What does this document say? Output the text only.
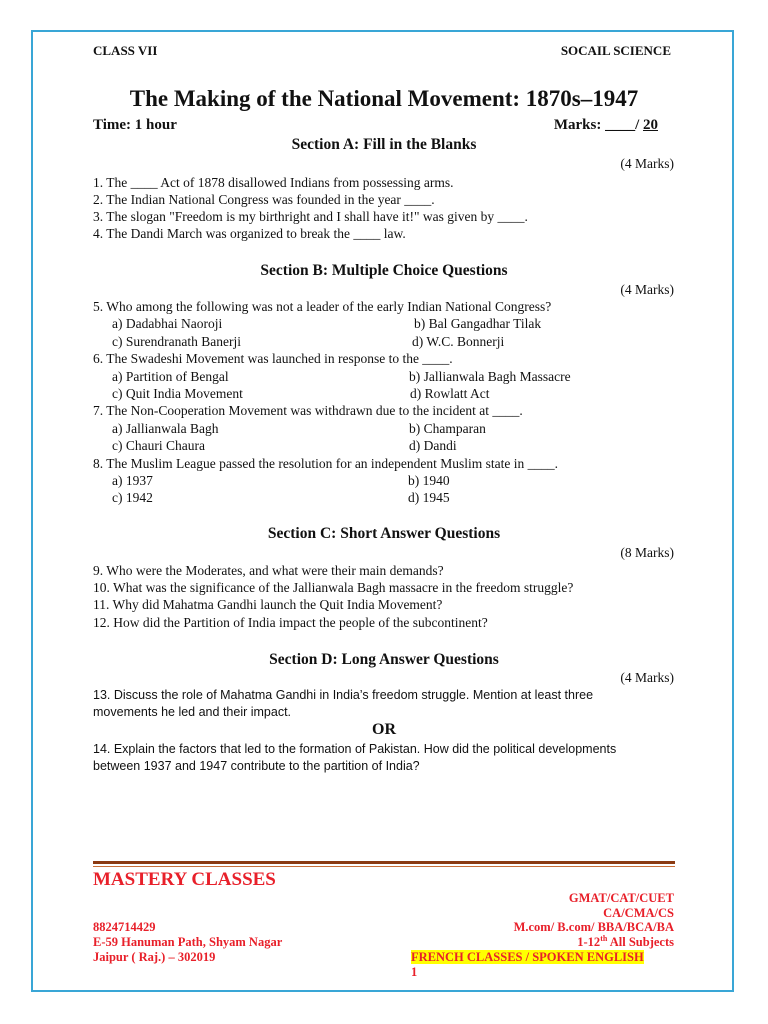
CLASS VII	SOCAIL SCIENCE
The Making of the National Movement: 1870s–1947
Time: 1 hour	Marks: ____/ 20
Section A: Fill in the Blanks
(4 Marks)
1. The ____ Act of 1878 disallowed Indians from possessing arms.
2. The Indian National Congress was founded in the year ____.
3. The slogan "Freedom is my birthright and I shall have it!" was given by ____.
4. The Dandi March was organized to break the ____ law.
Section B: Multiple Choice Questions
(4 Marks)
5. Who among the following was not a leader of the early Indian National Congress?
a) Dadabhai Naoroji	b) Bal Gangadhar Tilak
c) Surendranath Banerji	d) W.C. Bonnerji
6. The Swadeshi Movement was launched in response to the ____.
a) Partition of Bengal	b) Jallianwala Bagh Massacre
c) Quit India Movement	d) Rowlatt Act
7. The Non-Cooperation Movement was withdrawn due to the incident at ____.
a) Jallianwala Bagh	b) Champaran
c) Chauri Chaura	d) Dandi
8. The Muslim League passed the resolution for an independent Muslim state in ____.
a) 1937	b) 1940
c) 1942	d) 1945
Section C: Short Answer Questions
(8 Marks)
9. Who were the Moderates, and what were their main demands?
10. What was the significance of the Jallianwala Bagh massacre in the freedom struggle?
11. Why did Mahatma Gandhi launch the Quit India Movement?
12. How did the Partition of India impact the people of the subcontinent?
Section D: Long Answer Questions
(4 Marks)
13. Discuss the role of Mahatma Gandhi in India’s freedom struggle. Mention at least three
movements he led and their impact.
OR
14. Explain the factors that led to the formation of Pakistan. How did the political developments
between 1937 and 1947 contribute to the partition of India?
MASTERY CLASSES
GMAT/CAT/CUET
CA/CMA/CS
M.com/ B.com/ BBA/BCA/BA
1-12th All Subjects
8824714429
E-59 Hanuman Path, Shyam Nagar
Jaipur ( Raj.) – 302019	FRENCH CLASSES / SPOKEN ENGLISH
1
